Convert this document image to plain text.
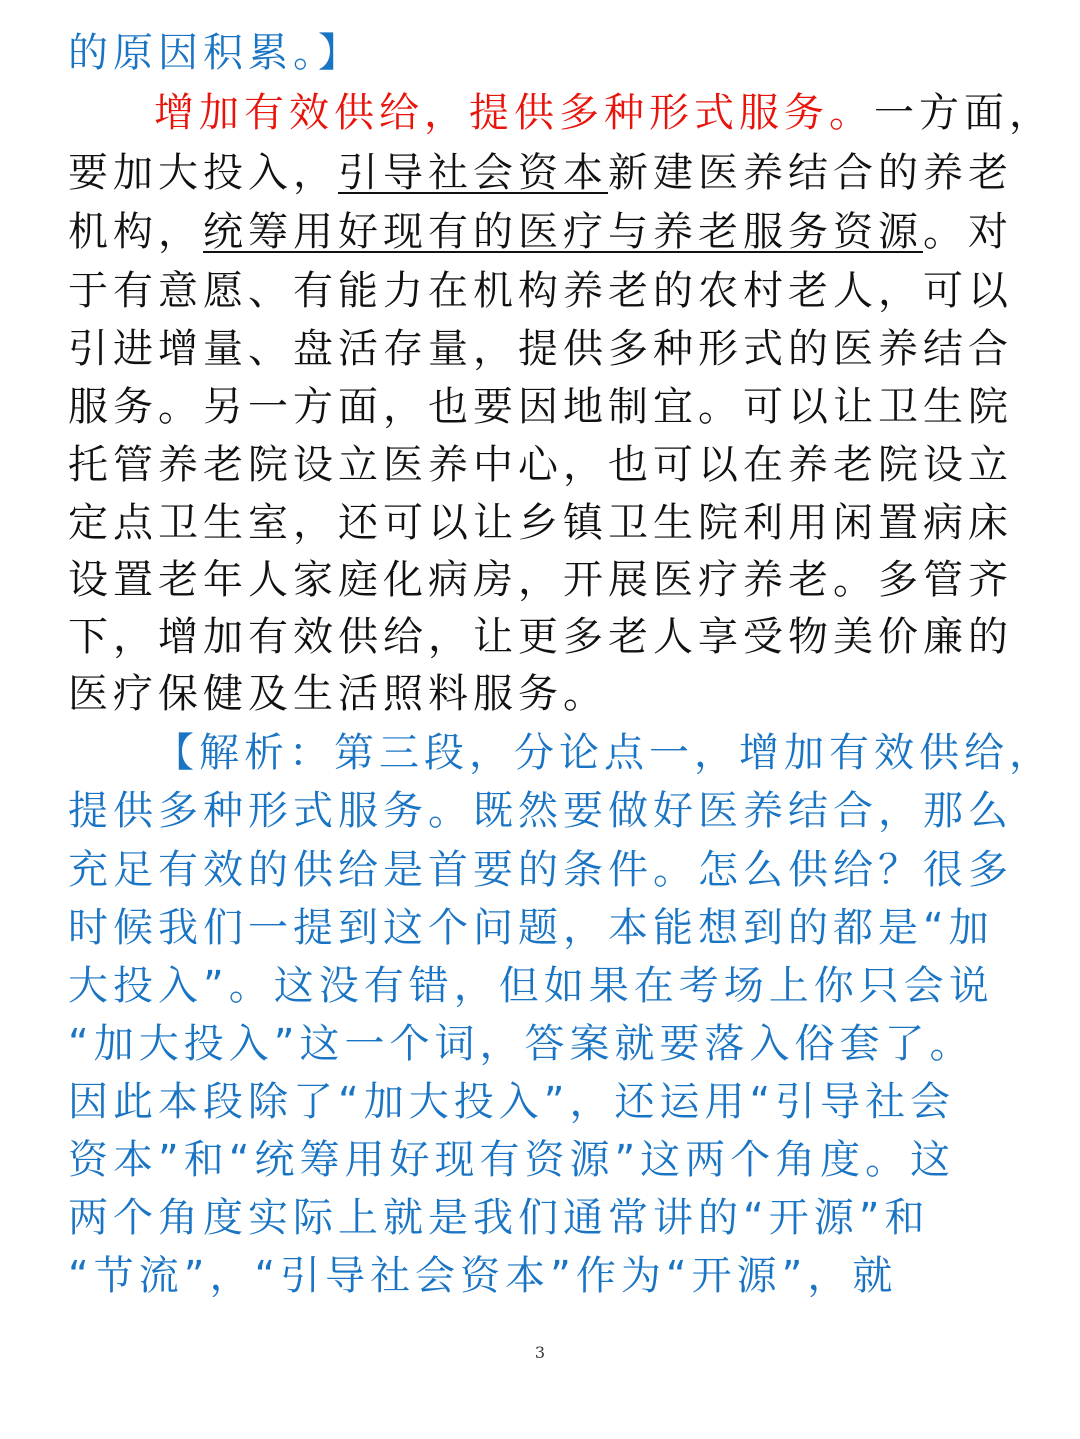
的原因积累。】
增加有效供给，提供多种形式服务。一方面，
要加大投入，引导社会资本新建医养结合的养老
机构，统筹用好现有的医疗与养老服务资源。对
于有意愿、有能力在机构养老的农村老人，可以
引进增量、盘活存量，提供多种形式的医养结合
服务。另一方面，也要因地制宜。可以让卫生院
托管养老院设立医养中心，也可以在养老院设立
定点卫生室，还可以让乡镇卫生院利用闲置病床
设置老年人家庭化病房，开展医疗养老。多管齐
下，增加有效供给，让更多老人享受物美价廉的
医疗保健及生活照料服务。
【解析：第三段，分论点一，增加有效供给，
提供多种形式服务。既然要做好医养结合，那么
充足有效的供给是首要的条件。怎么供给？很多
时候我们一提到这个问题，本能想到的都是“加
大投入”。这没有错，但如果在考场上你只会说
“加大投入”这一个词，答案就要落入俗套了。
因此本段除了“加大投入”，还运用“引导社会
资本”和“统筹用好现有资源”这两个角度。这
两个角度实际上就是我们通常讲的“开源”和
“节流”，“引导社会资本”作为“开源”，就
3
